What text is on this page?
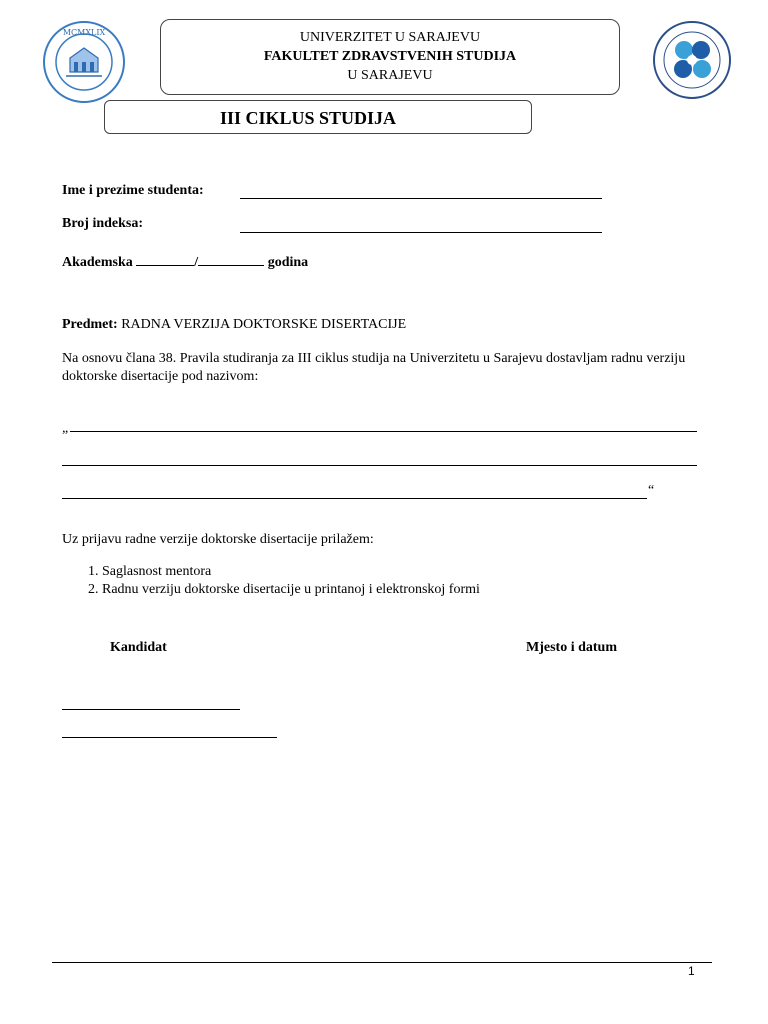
MCMXLIX	UNIVERZITET U SARAJEVU
FAKULTET ZDRAVSTVENIH STUDIJA
U SARAJEVU
III CIKLUS STUDIJA
Ime i prezime studenta:
Broj indeksa:
Akademska	/	godina
Predmet: RADNA VERZIJA DOKTORSKE DISERTACIJE
Na osnovu člana 38. Pravila studiranja za III ciklus studija na Univerzitetu u Sarajevu dostavljam radnu verziju doktorske disertacije pod nazivom:
„
“
Uz prijavu radne verzije doktorske disertacije prilažem:
1. Saglasnost mentora
2. Radnu verziju doktorske disertacije u printanoj i elektronskoj formi
Kandidat	Mjesto i datum
1
